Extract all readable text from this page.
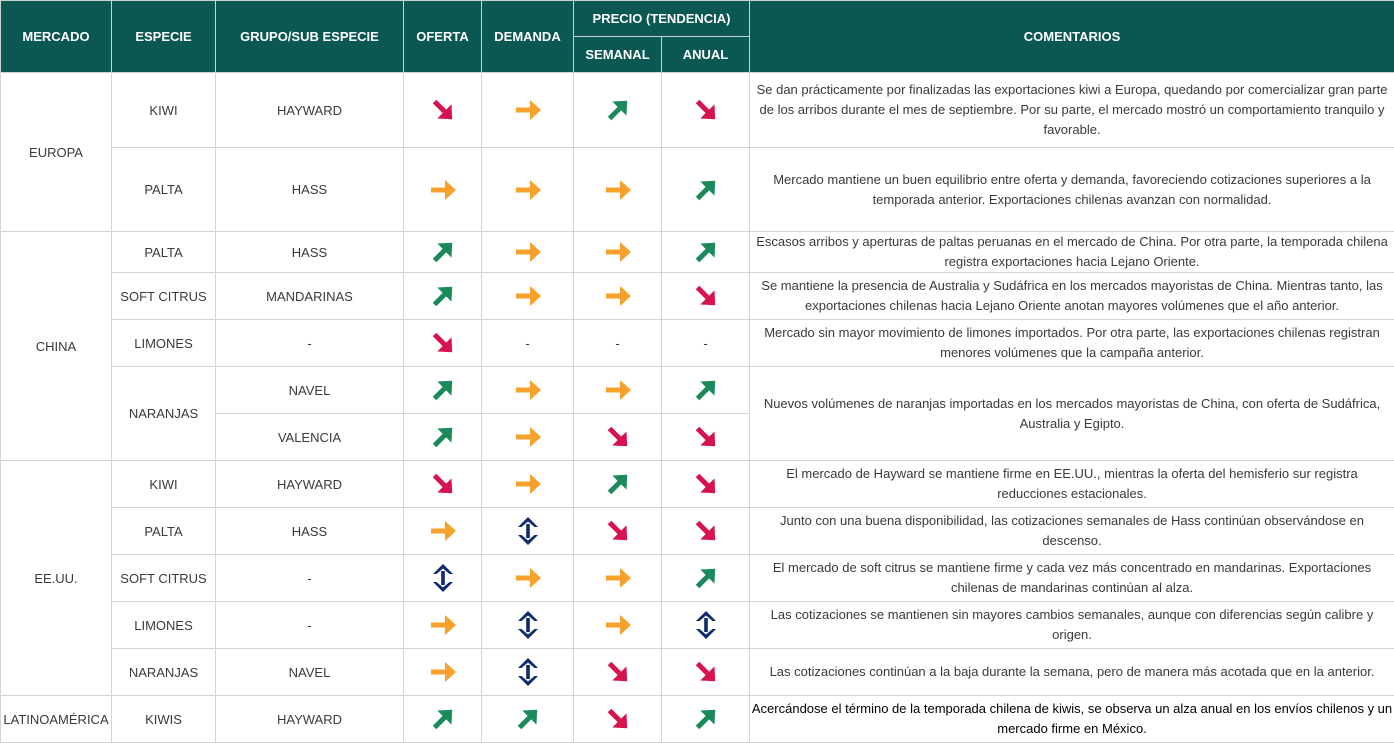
MERCADO	ESPECIE	GRUPO/SUB ESPECIE	OFERTA	DEMANDA	PRECIO (TENDENCIA)		COMENTARIOS
					SEMANAL	ANUAL	
EUROPA	KIWI	HAYWARD					Se dan prácticamente por finalizadas las exportaciones kiwi a Europa, quedando por comercializar gran parte de los arribos durante el mes de septiembre. Por su parte, el mercado mostró un comportamiento tranquilo y favorable.
	PALTA	HASS					Mercado mantiene un buen equilibrio entre oferta y demanda, favoreciendo cotizaciones superiores a la temporada anterior. Exportaciones chilenas avanzan con normalidad.
CHINA	PALTA	HASS					Escasos arribos y aperturas de paltas peruanas en el mercado de China. Por otra parte, la temporada chilena registra exportaciones hacia Lejano Oriente.
	SOFT CITRUS	MANDARINAS					Se mantiene la presencia de Australia y Sudáfrica en los mercados mayoristas de China. Mientras tanto, las exportaciones chilenas hacia Lejano Oriente anotan mayores volúmenes que el año anterior.
	LIMONES	-		-	-	-	Mercado sin mayor movimiento de limones importados. Por otra parte, las exportaciones chilenas registran menores volúmenes que la campaña anterior.
	NARANJAS	NAVEL					Nuevos volúmenes de naranjas importadas en los mercados mayoristas de China, con oferta de Sudáfrica, Australia y Egipto.
		VALENCIA	

EE.UU.	KIWI	HAYWARD					El mercado de Hayward se mantiene firme en EE.UU., mientras la oferta del hemisferio sur registra reducciones estacionales.
	PALTA	HASS					Junto con una buena disponibilidad, las cotizaciones semanales de Hass continúan observándose en descenso.
	SOFT CITRUS	-					El mercado de soft citrus se mantiene firme y cada vez más concentrado en mandarinas. Exportaciones chilenas de mandarinas continúan al alza.
	LIMONES	-					Las cotizaciones se mantienen sin mayores cambios semanales, aunque con diferencias según calibre y origen.
	NARANJAS	NAVEL					Las cotizaciones continúan a la baja durante la semana, pero de manera más acotada que en la anterior.
LATINOAMÉRICA	KIWIS	HAYWARD					Acercándose el término de la temporada chilena de kiwis, se observa un alza anual en los envíos chilenos y un mercado firme en México.
